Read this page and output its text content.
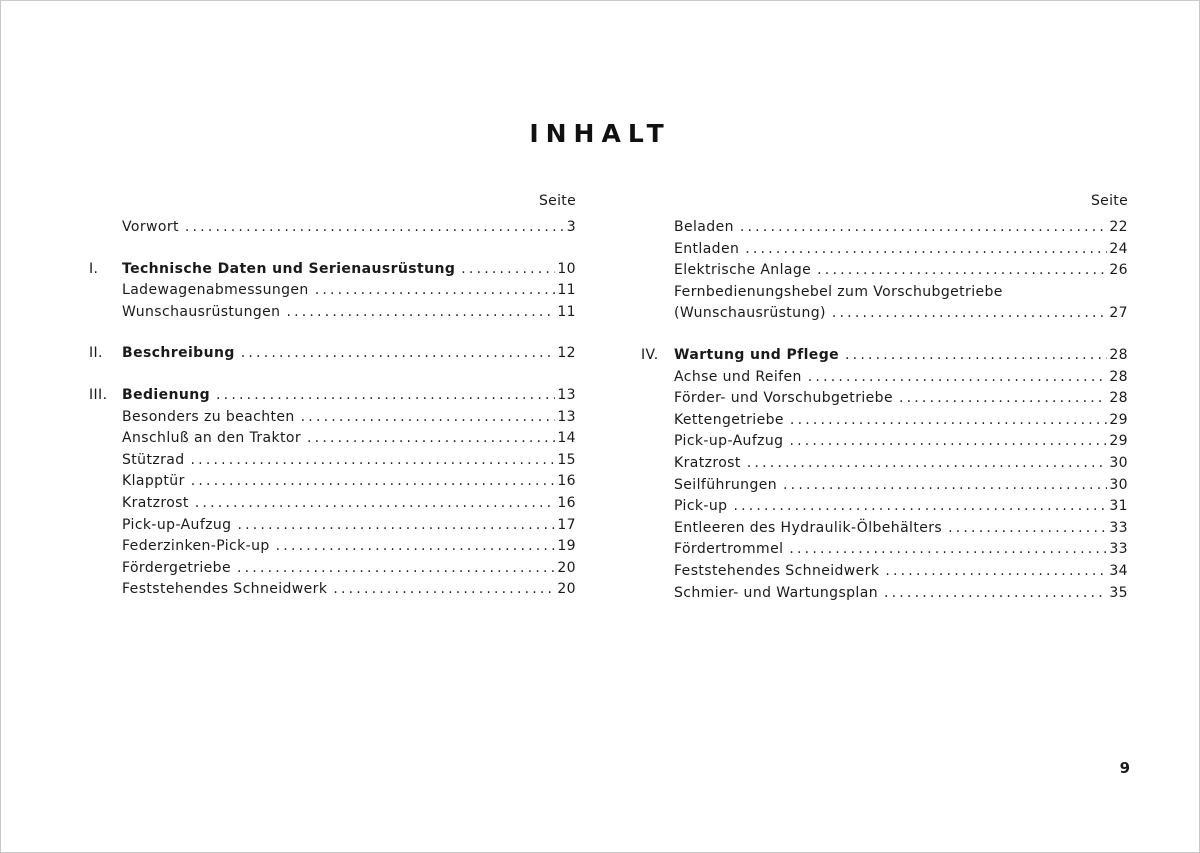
INHALT
Seite
Vorwort .....	3
I.	Technische Daten und Serienausrüstung .....	10
Ladewagenabmessungen .....	11
Wunschausrüstungen .....	11
II.	Beschreibung .....	12
III.	Bedienung .....	13
Besonders zu beachten .....	13
Anschluß an den Traktor .....	14
Stützrad .....	15
Klapptür .....	16
Kratzrost .....	16
Pick-up-Aufzug .....	17
Federzinken-Pick-up .....	19
Fördergetriebe .....	20
Feststehendes Schneidwerk .....	20
Seite
Beladen .....	22
Entladen .....	24
Elektrische Anlage .....	26
Fernbedienungshebel zum Vorschubgetriebe
(Wunschausrüstung) .....	27
IV.	Wartung und Pflege .....	28
Achse und Reifen .....	28
Förder- und Vorschubgetriebe .....	28
Kettengetriebe .....	29
Pick-up-Aufzug .....	29
Kratzrost .....	30
Seilführungen .....	30
Pick-up .....	31
Entleeren des Hydraulik-Ölbehälters .....	33
Fördertrommel .....	33
Feststehendes Schneidwerk .....	34
Schmier- und Wartungsplan .....	35
9
